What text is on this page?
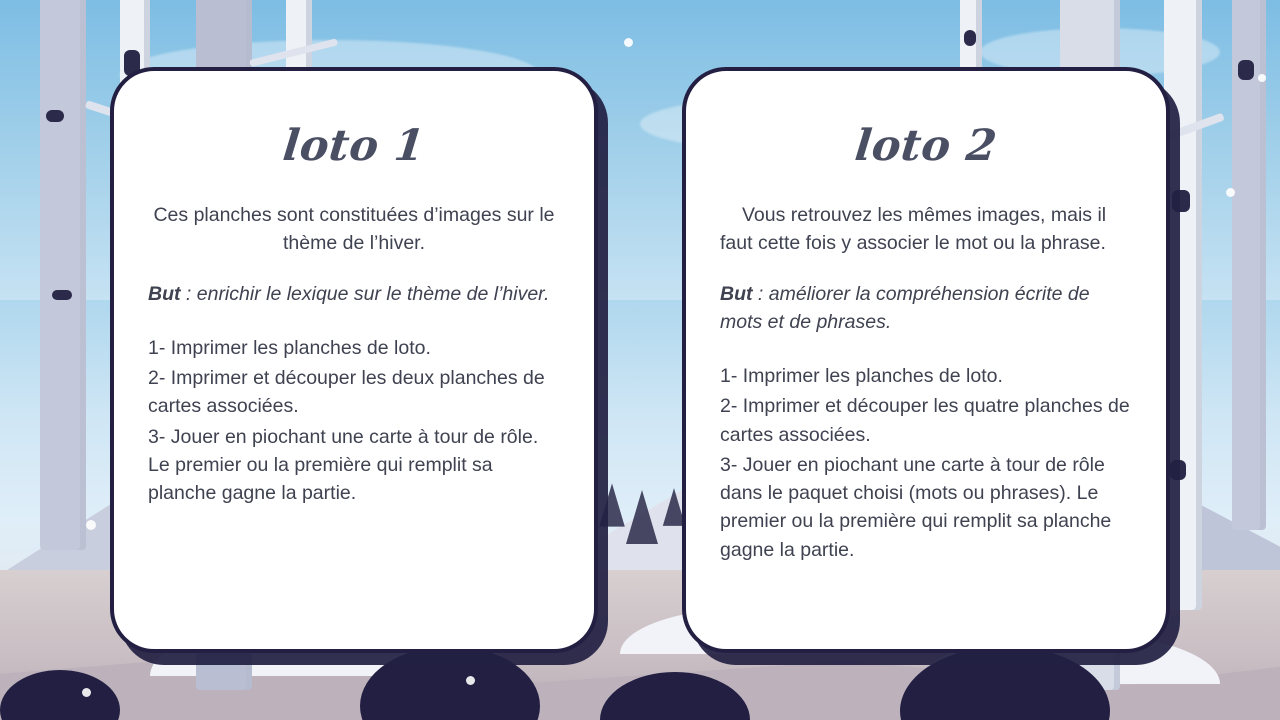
loto 1

Ces planches sont constituées d’images sur le thème de l’hiver.

But : enrichir le lexique sur le thème de l’hiver.

1- Imprimer les planches de loto.

2- Imprimer et découper les deux planches de cartes associées.

3- Jouer en piochant une carte à tour de rôle. Le premier ou la première qui remplit sa planche gagne la partie.

loto 2

Vous retrouvez les mêmes images, mais il faut cette fois y associer le mot ou la phrase.

But : améliorer la compréhension écrite de mots et de phrases.

1- Imprimer les planches de loto.

2- Imprimer et découper les quatre planches de cartes associées.

3- Jouer en piochant une carte à tour de rôle dans le paquet choisi (mots ou phrases). Le premier ou la première qui remplit sa planche gagne la partie.
